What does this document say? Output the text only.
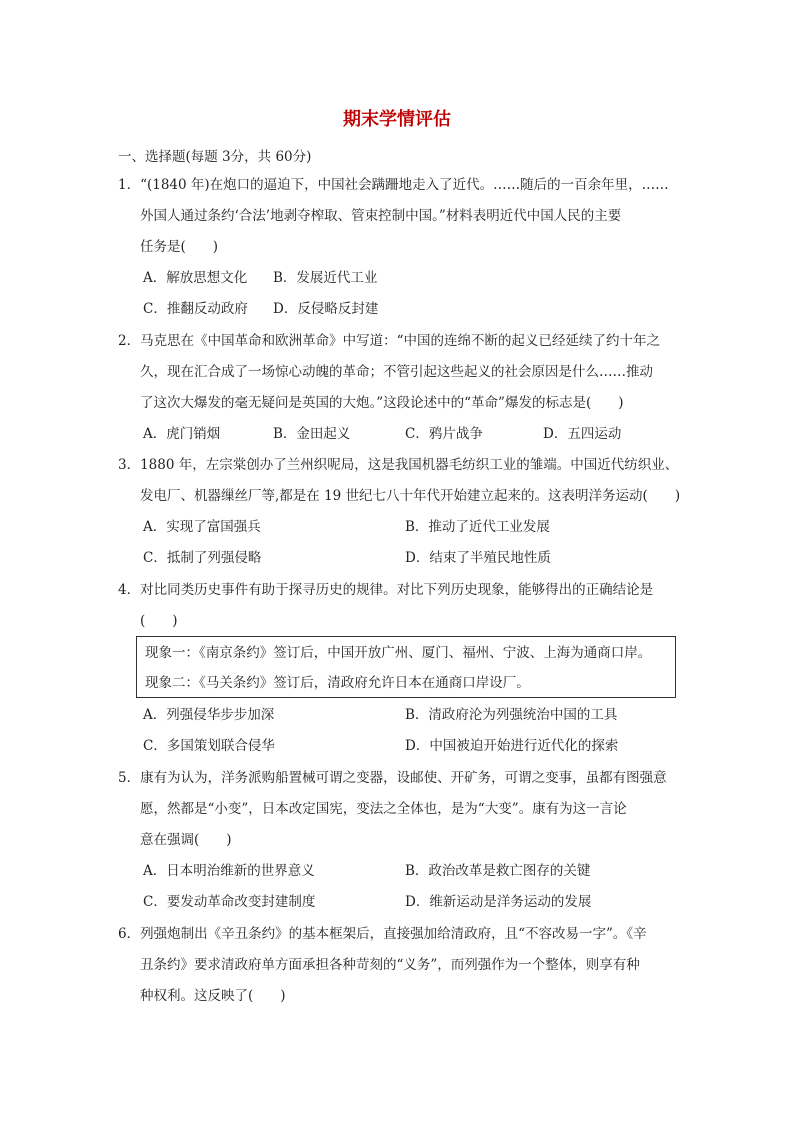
期末学情评估
一、选择题(每题 3分，共 60分)
1．“(1840 年)在炮口的逼迫下，中国社会蹒跚地走入了近代。……随后的一百余年里，……
外国人通过条约‘合法’地剥夺榨取、管束控制中国。”材料表明近代中国人民的主要
任务是(　　)
A．解放思想文化 B．发展近代工业
C．推翻反动政府 D．反侵略反封建
2．马克思在《中国革命和欧洲革命》中写道：“中国的连绵不断的起义已经延续了约十年之
久，现在汇合成了一场惊心动魄的革命；不管引起这些起义的社会原因是什么……推动
了这次大爆发的毫无疑问是英国的大炮。”这段论述中的“革命”爆发的标志是(　　)
A．虎门销烟	B．金田起义	C．鸦片战争	D．五四运动
3．1880 年，左宗棠创办了兰州织呢局，这是我国机器毛纺织工业的雏端。中国近代纺织业、
发电厂、机器缫丝厂等,都是在 19 世纪七八十年代开始建立起来的。这表明洋务运动(　　)
A．实现了富国强兵	B．推动了近代工业发展
C．抵制了列强侵略	D．结束了半殖民地性质
4．对比同类历史事件有助于探寻历史的规律。对比下列历史现象，能够得出的正确结论是
(　　)
现象一：《南京条约》签订后，中国开放广州、厦门、福州、宁波、上海为通商口岸。
现象二：《马关条约》签订后，清政府允许日本在通商口岸设厂。
A．列强侵华步步加深	B．清政府沦为列强统治中国的工具
C．多国策划联合侵华	D．中国被迫开始进行近代化的探索
5．康有为认为，洋务派购船置械可谓之变器，设邮使、开矿务，可谓之变事，虽都有图强意
愿，然都是“小变”，日本改定国宪，变法之全体也，是为“大变”。康有为这一言论
意在强调(　　)
A．日本明治维新的世界意义	B．政治改革是救亡图存的关键
C．要发动革命改变封建制度	D．维新运动是洋务运动的发展
6．列强炮制出《辛丑条约》的基本框架后，直接强加给清政府，且“不容改易一字”。《辛
丑条约》要求清政府单方面承担各种苛刻的“义务”，而列强作为一个整体，则享有种
种权利。这反映了(　　)
